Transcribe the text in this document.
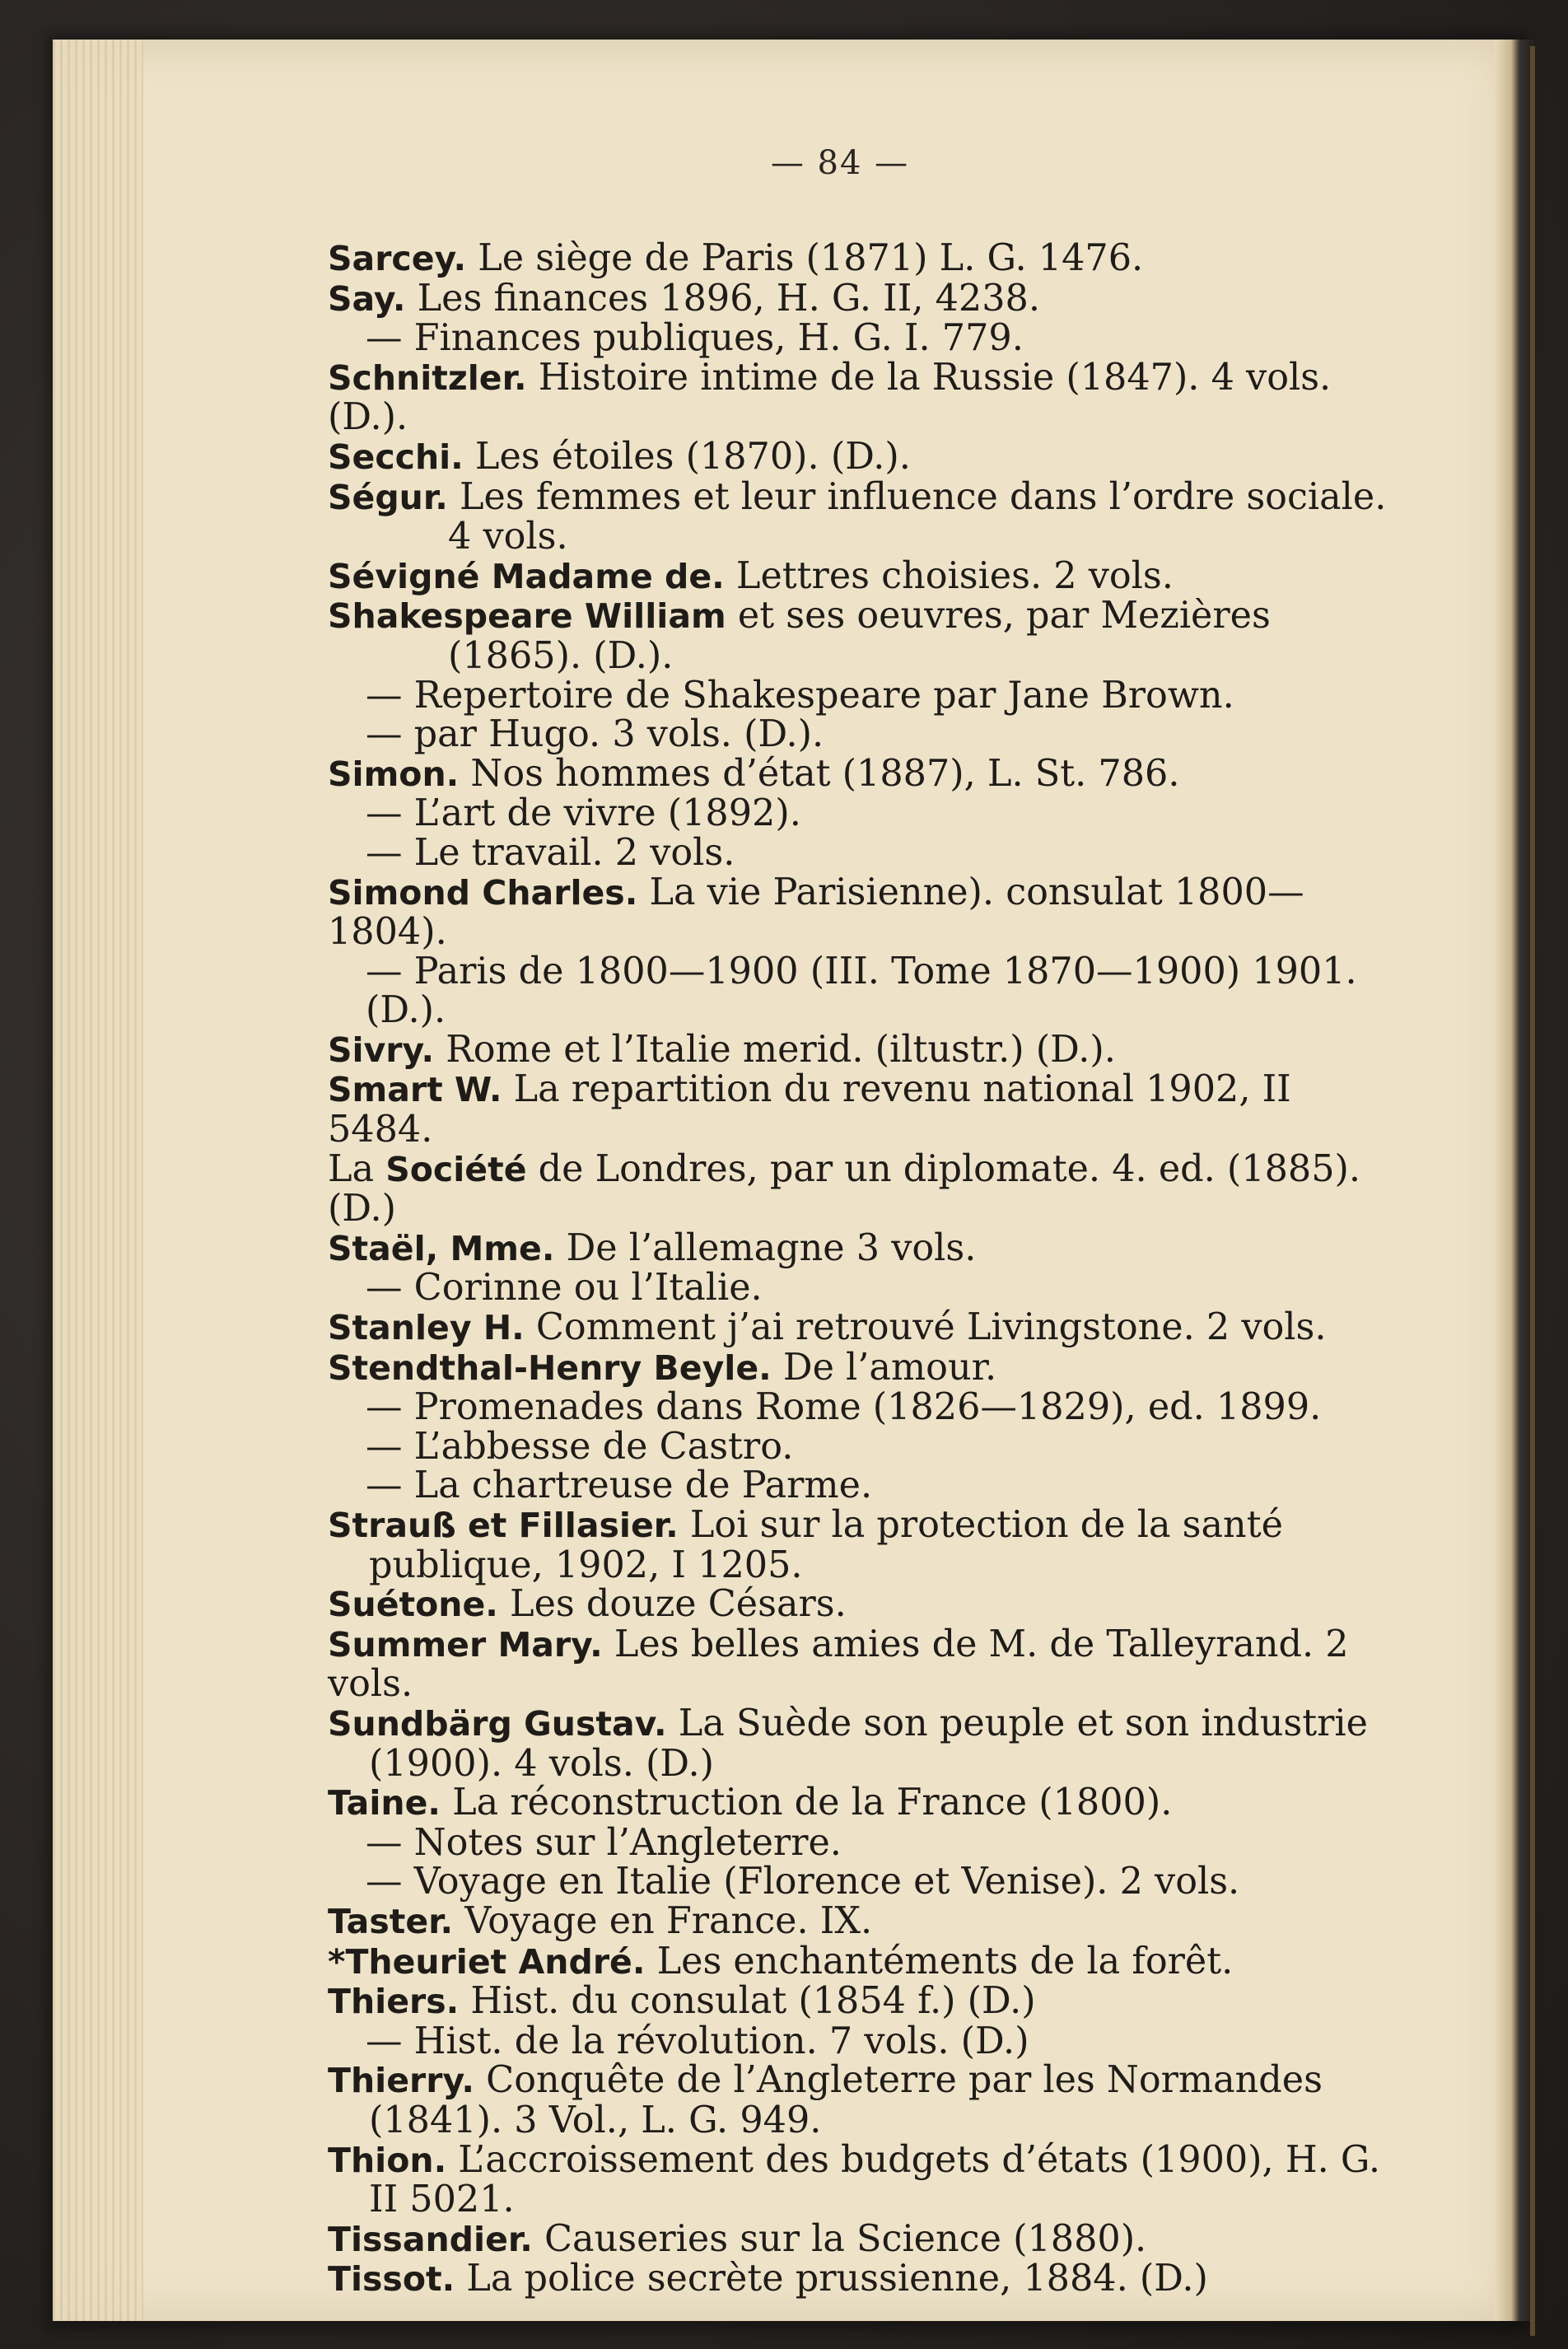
— 84 —
Sarcey. Le siège de Paris (1871) L. G. 1476.
Say. Les finances 1896, H. G. II, 4238.
— Finances publiques, H. G. I. 779.
Schnitzler. Histoire intime de la Russie (1847). 4 vols. (D.).
Secchi. Les étoiles (1870). (D.).
Ségur. Les femmes et leur influence dans l’ordre sociale.
4 vols.
Sévigné Madame de. Lettres choisies. 2 vols.
Shakespeare William et ses oeuvres, par Mezières
(1865). (D.).
— Repertoire de Shakespeare par Jane Brown.
— par Hugo. 3 vols. (D.).
Simon. Nos hommes d’état (1887), L. St. 786.
— L’art de vivre (1892).
— Le travail. 2 vols.
Simond Charles. La vie Parisienne). consulat 1800—1804).
— Paris de 1800—1900 (III. Tome 1870—1900) 1901. (D.).
Sivry. Rome et l’Italie merid. (iltustr.) (D.).
Smart W. La repartition du revenu national 1902, II 5484.
La Société de Londres, par un diplomate. 4. ed. (1885). (D.)
Staël, Mme. De l’allemagne 3 vols.
— Corinne ou l’Italie.
Stanley H. Comment j’ai retrouvé Livingstone. 2 vols.
Stendthal-Henry Beyle. De l’amour.
— Promenades dans Rome (1826—1829), ed. 1899.
— L’abbesse de Castro.
— La chartreuse de Parme.
Strauß et Fillasier. Loi sur la protection de la santé
publique, 1902, I 1205.
Suétone. Les douze Césars.
Summer Mary. Les belles amies de M. de Talleyrand. 2 vols.
Sundbärg Gustav. La Suède son peuple et son industrie
(1900). 4 vols. (D.)
Taine. La réconstruction de la France (1800).
— Notes sur l’Angleterre.
— Voyage en Italie (Florence et Venise). 2 vols.
Taster. Voyage en France. IX.
*Theuriet André. Les enchantéments de la forêt.
Thiers. Hist. du consulat (1854 f.) (D.)
— Hist. de la révolution. 7 vols. (D.)
Thierry. Conquête de l’Angleterre par les Normandes
(1841). 3 Vol., L. G. 949.
Thion. L’accroissement des budgets d’états (1900), H. G.
II 5021.
Tissandier. Causeries sur la Science (1880).
Tissot. La police secrète prussienne, 1884. (D.)
